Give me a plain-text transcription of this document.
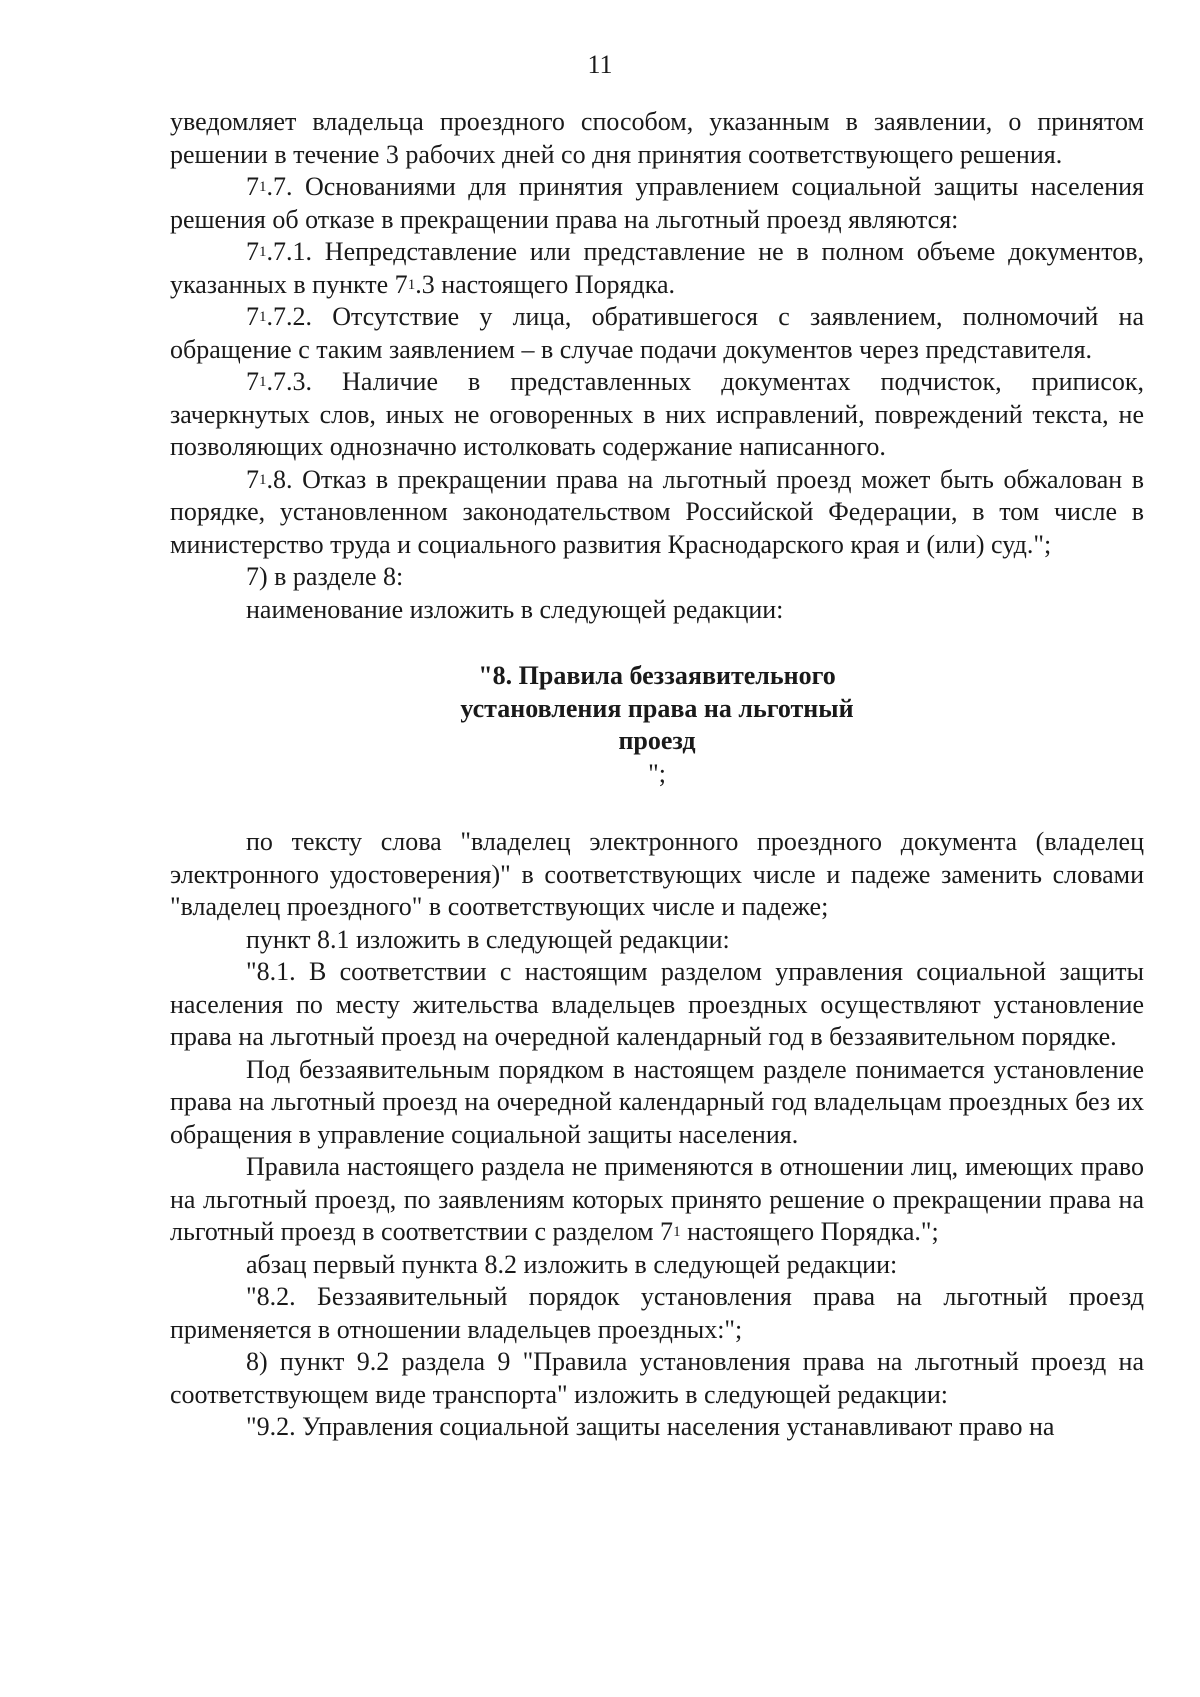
11

уведомляет владельца проездного способом, указанным в заявлении, о принятом решении в течение 3 рабочих дней со дня принятия соответствующего решения.

$7^1.7$. Основаниями для принятия управлением социальной защиты населения решения об отказе в прекращении права на льготный проезд являются:

$7^1.7.1$. Непредставление или представление не в полном объеме документов, указанных в пункте $7^1.3$ настоящего Порядка.

$7^1.7.2$. Отсутствие у лица, обратившегося с заявлением, полномочий на обращение с таким заявлением – в случае подачи документов через представителя.

$7^1.7.3$. Наличие в представленных документах подчисток, приписок, зачеркнутых слов, иных не оговоренных в них исправлений, повреждений текста, не позволяющих однозначно истолковать содержание написанного.

$7^1.8$. Отказ в прекращении права на льготный проезд может быть обжалован в порядке, установленном законодательством Российской Федерации, в том числе в министерство труда и социального развития Краснодарского края и (или) суд.";

7) в разделе 8:

наименование изложить в следующей редакции:

"8. Правила беззаявительного
установления права на льготный
проезд
";

по тексту слова "владелец электронного проездного документа (владелец электронного удостоверения)" в соответствующих числе и падеже заменить словами "владелец проездного" в соответствующих числе и падеже;

пункт 8.1 изложить в следующей редакции:

"8.1. В соответствии с настоящим разделом управления социальной защиты населения по месту жительства владельцев проездных осуществляют установление права на льготный проезд на очередной календарный год в беззаявительном порядке.

Под беззаявительным порядком в настоящем разделе понимается установление права на льготный проезд на очередной календарный год владельцам проездных без их обращения в управление социальной защиты населения.

Правила настоящего раздела не применяются в отношении лиц, имеющих право на льготный проезд, по заявлениям которых принято решение о прекращении права на льготный проезд в соответствии с разделом $7^1$ настоящего Порядка.";

абзац первый пункта 8.2 изложить в следующей редакции:

"8.2. Беззаявительный порядок установления права на льготный проезд применяется в отношении владельцев проездных:";

8) пункт 9.2 раздела 9 "Правила установления права на льготный проезд на соответствующем виде транспорта" изложить в следующей редакции:

"9.2. Управления социальной защиты населения устанавливают право на
